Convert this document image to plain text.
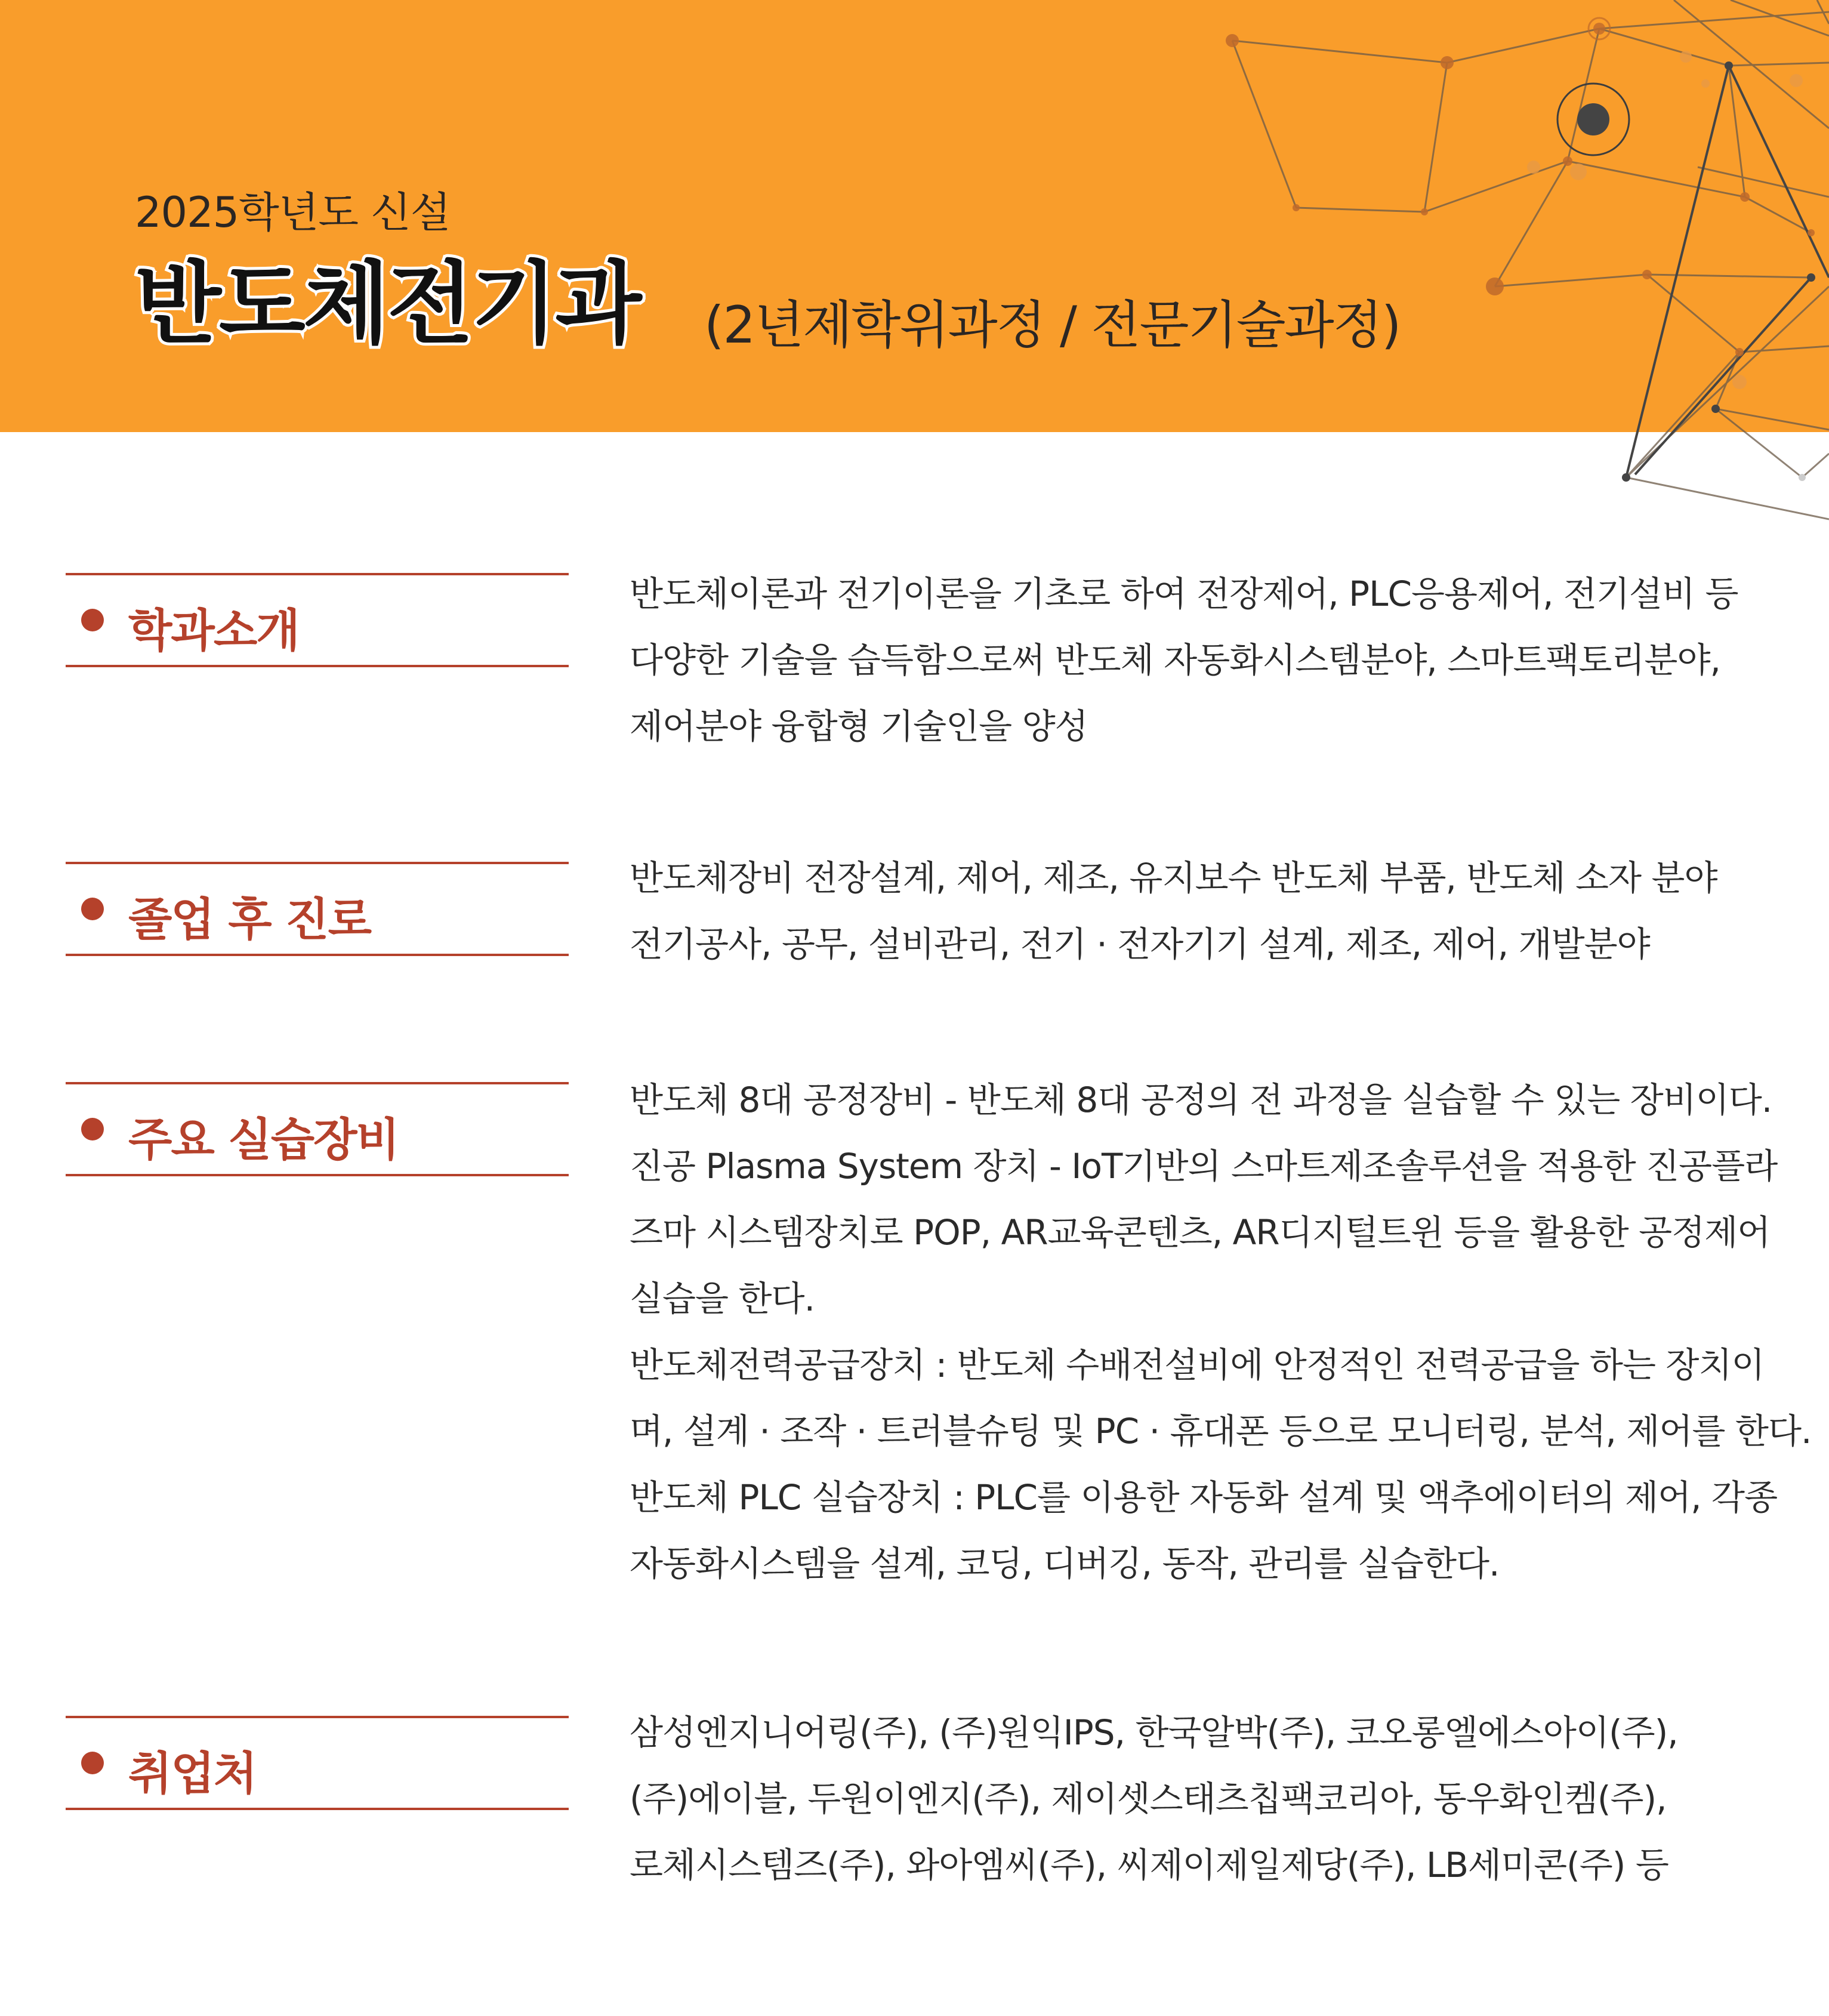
2025학년도 신설
반도체전기과 (2년제학위과정 / 전문기술과정)
학과소개
반도체이론과 전기이론을 기초로 하여 전장제어, PLC응용제어, 전기설비 등
다양한 기술을 습득함으로써 반도체 자동화시스템분야, 스마트팩토리분야,
제어분야 융합형 기술인을 양성
졸업 후 진로
반도체장비 전장설계, 제어, 제조, 유지보수 반도체 부품, 반도체 소자 분야
전기공사, 공무, 설비관리, 전기 · 전자기기 설계, 제조, 제어, 개발분야
주요 실습장비
반도체 8대 공정장비 - 반도체 8대 공정의 전 과정을 실습할 수 있는 장비이다.
진공 Plasma System 장치 - IoT기반의 스마트제조솔루션을 적용한 진공플라
즈마 시스템장치로 POP, AR교육콘텐츠, AR디지털트윈 등을 활용한 공정제어
실습을 한다.
반도체전력공급장치 : 반도체 수배전설비에 안정적인 전력공급을 하는 장치이
며, 설계 · 조작 · 트러블슈팅 및 PC · 휴대폰 등으로 모니터링, 분석, 제어를 한다.
반도체 PLC 실습장치 : PLC를 이용한 자동화 설계 및 액추에이터의 제어, 각종
자동화시스템을 설계, 코딩, 디버깅, 동작, 관리를 실습한다.
취업처
삼성엔지니어링(주), (주)원익IPS, 한국알박(주), 코오롱엘에스아이(주),
(주)에이블, 두원이엔지(주), 제이셋스태츠칩팩코리아, 동우화인켐(주),
로체시스템즈(주), 와아엠씨(주), 씨제이제일제당(주), LB세미콘(주) 등
